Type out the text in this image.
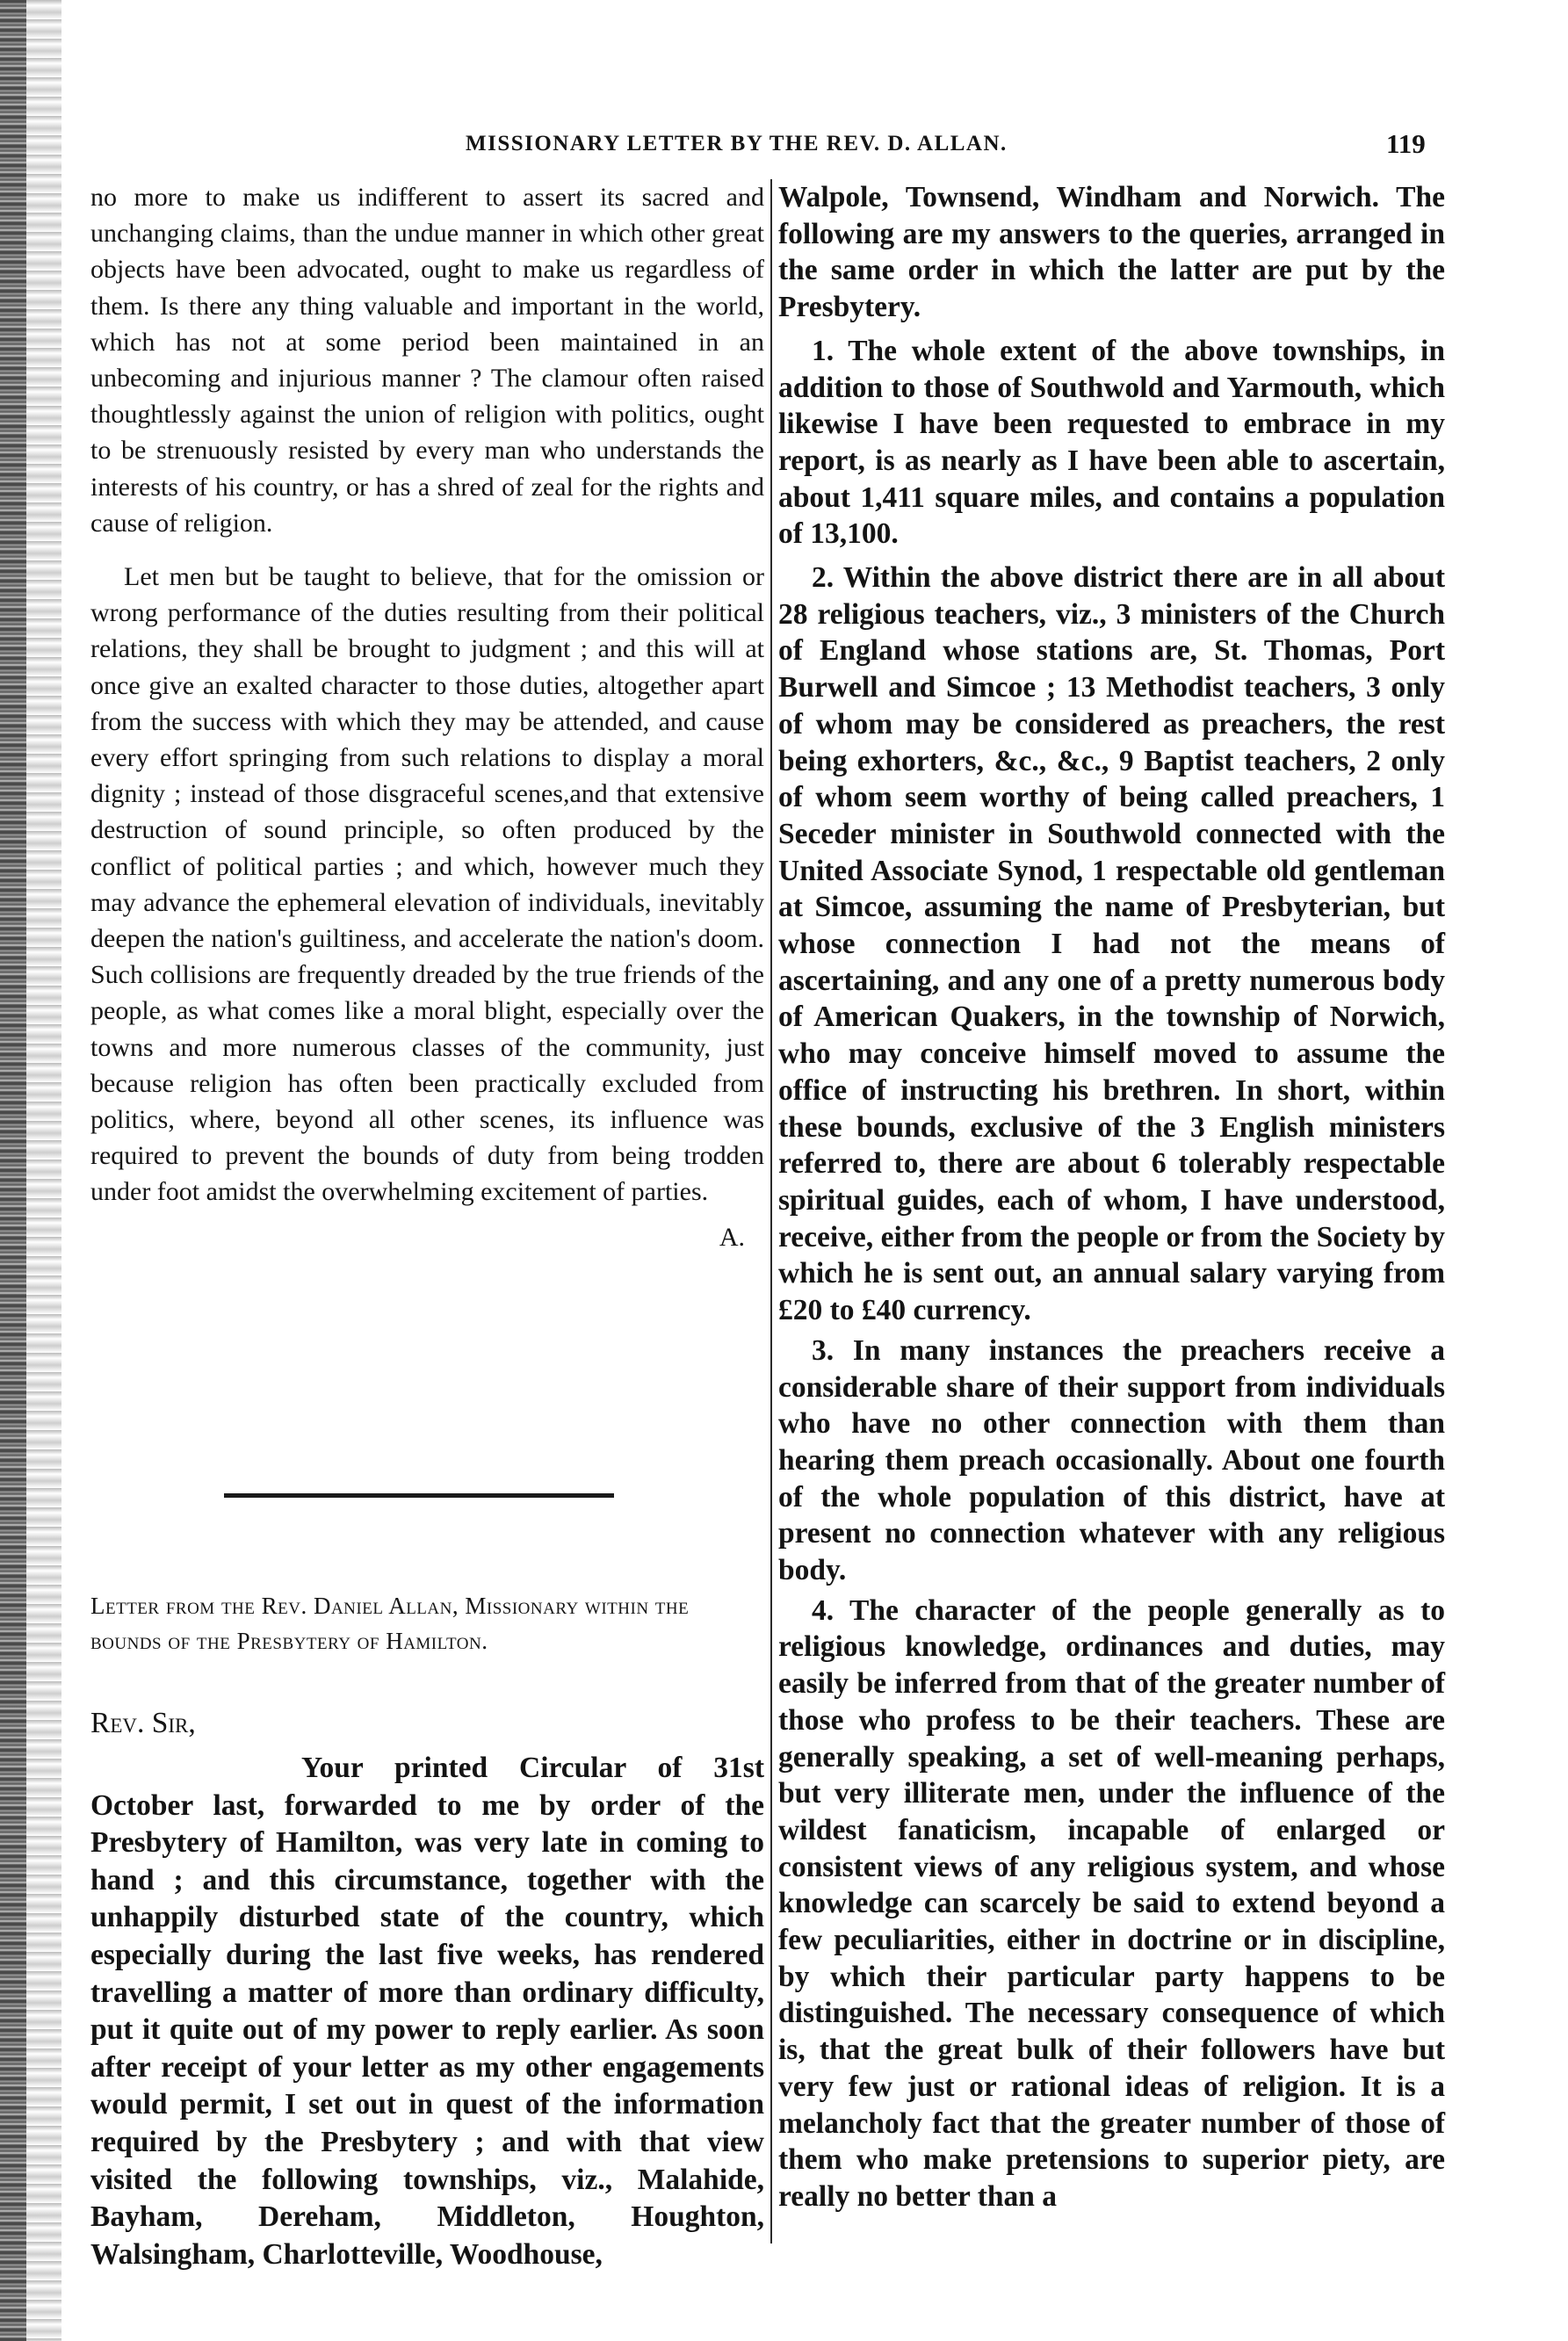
MISSIONARY LETTER BY THE REV. D. ALLAN.	119

no more to make us indifferent to assert its sacred and unchanging claims, than the undue manner in which other great objects have been advocated, ought to make us regardless of them. Is there any thing valuable and important in the world, which has not at some period been maintained in an unbecoming and injurious manner ? The clamour often raised thoughtlessly against the union of religion with politics, ought to be strenuously resisted by every man who understands the interests of his country, or has a shred of zeal for the rights and cause of religion.

Let men but be taught to believe, that for the omission or wrong performance of the duties resulting from their political relations, they shall be brought to judgment ; and this will at once give an exalted character to those duties, altogether apart from the success with which they may be attended, and cause every effort springing from such relations to display a moral dignity ; instead of those disgraceful scenes,and that extensive destruction of sound principle, so often produced by the conflict of political parties ; and which, however much they may advance the ephemeral elevation of individuals, inevitably deepen the nation's guiltiness, and accelerate the nation's doom. Such collisions are frequently dreaded by the true friends of the people, as what comes like a moral blight, especially over the towns and more numerous classes of the community, just because religion has often been practically excluded from politics, where, beyond all other scenes, its influence was required to prevent the bounds of duty from being trodden under foot amidst the overwhelming excitement of parties.

A.

Letter from the Rev. Daniel Allan, Missionary within the bounds of the Presbytery of Hamilton.
Rev. Sir,

Your printed Circular of 31st October last, forwarded to me by order of the Presbytery of Hamilton, was very late in coming to hand ; and this circumstance, together with the unhappily disturbed state of the country, which especially during the last five weeks, has rendered travelling a matter of more than ordinary difficulty, put it quite out of my power to reply earlier. As soon after receipt of your letter as my other engagements would permit, I set out in quest of the information required by the Presbytery ; and with that view visited the following townships, viz., Malahide, Bayham, Dereham, Middleton, Houghton, Walsingham, Charlotteville, Woodhouse,

Walpole, Townsend, Windham and Norwich. The following are my answers to the queries, arranged in the same order in which the latter are put by the Presbytery.

1. The whole extent of the above townships, in addition to those of Southwold and Yarmouth, which likewise I have been requested to embrace in my report, is as nearly as I have been able to ascertain, about 1,411 square miles, and contains a population of 13,100.

2. Within the above district there are in all about 28 religious teachers, viz., 3 ministers of the Church of England whose stations are, St. Thomas, Port Burwell and Simcoe ; 13 Methodist teachers, 3 only of whom may be considered as preachers, the rest being exhorters, &c., &c., 9 Baptist teachers, 2 only of whom seem worthy of being called preachers, 1 Seceder minister in Southwold connected with the United Associate Synod, 1 respectable old gentleman at Simcoe, assuming the name of Presbyterian, but whose connection I had not the means of ascertaining, and any one of a pretty numerous body of American Quakers, in the township of Norwich, who may conceive himself moved to assume the office of instructing his brethren. In short, within these bounds, exclusive of the 3 English ministers referred to, there are about 6 tolerably respectable spiritual guides, each of whom, I have understood, receive, either from the people or from the Society by which he is sent out, an annual salary varying from £20 to £40 currency.

3. In many instances the preachers receive a considerable share of their support from individuals who have no other connection with them than hearing them preach occasionally. About one fourth of the whole population of this district, have at present no connection whatever with any religious body.

4. The character of the people generally as to religious knowledge, ordinances and duties, may easily be inferred from that of the greater number of those who profess to be their teachers. These are generally speaking, a set of well-meaning perhaps, but very illiterate men, under the influence of the wildest fanaticism, incapable of enlarged or consistent views of any religious system, and whose knowledge can scarcely be said to extend beyond a few peculiarities, either in doctrine or in discipline, by which their particular party happens to be distinguished. The necessary consequence of which is, that the great bulk of their followers have but very few just or rational ideas of religion. It is a melancholy fact that the greater number of those of them who make pretensions to superior piety, are really no better than a
